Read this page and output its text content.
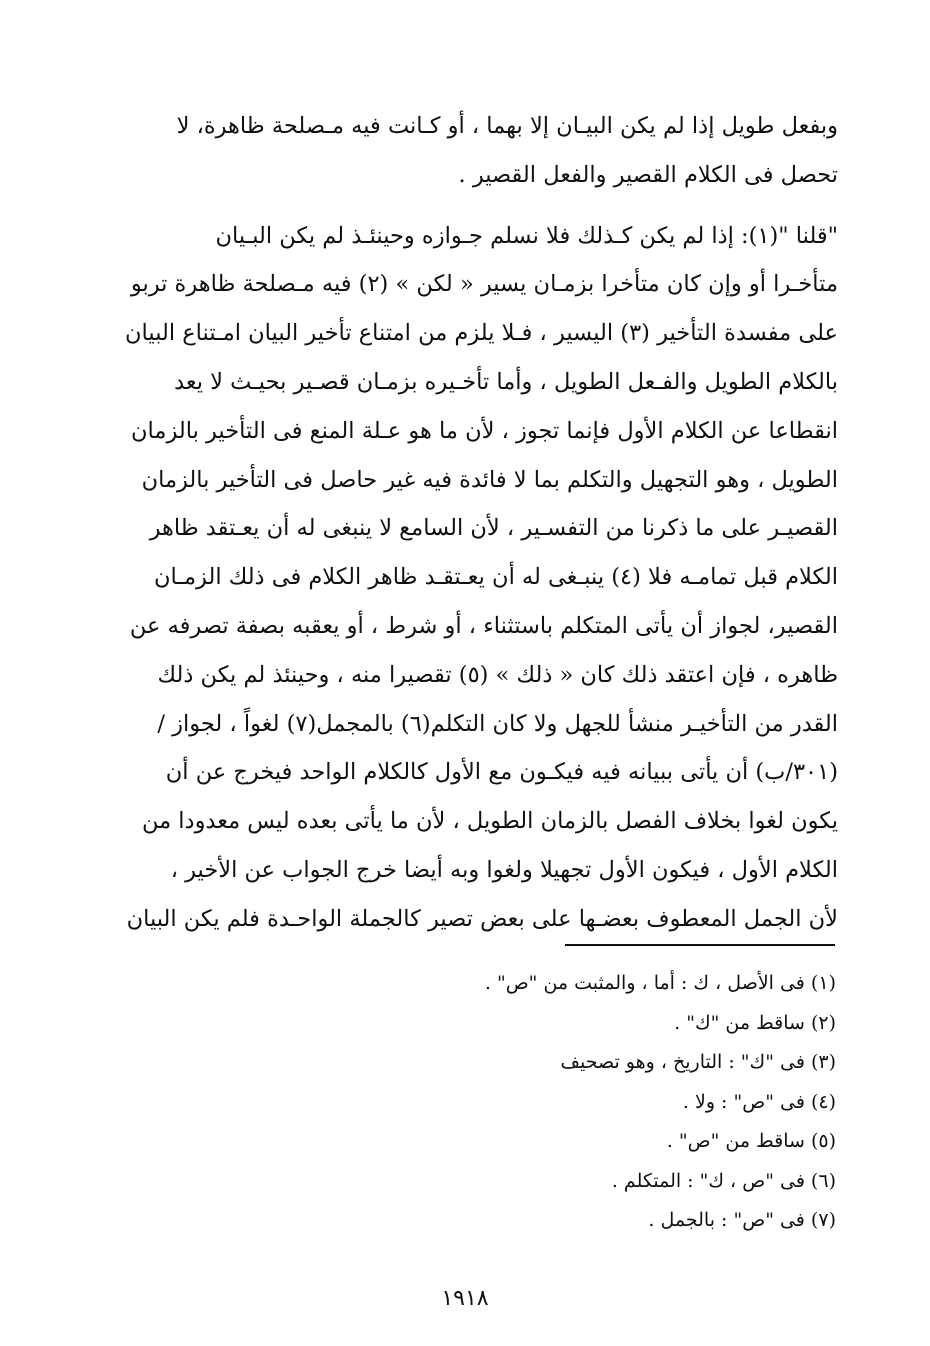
وبفعل طويل إذا لم يكن البيـان إلا بهما ، أو كـانت فيه مـصلحة ظاهرة، لا
تحصل فى الكلام القصير والفعل القصير .
"قلنا "(١): إذا لم يكن كـذلك فلا نسلم جـوازه وحينئـذ لم يكن البـيان
متأخـرا أو وإن كان متأخرا بزمـان يسير « لكن » (٢) فيه مـصلحة ظاهرة تربو
على مفسدة التأخير (٣) اليسير ، فـلا يلزم من امتناع تأخير البيان امـتناع البيان
بالكلام الطويل والفـعل الطويل ، وأما تأخـيره بزمـان قصـير بحيـث لا يعد
انقطاعا عن الكلام الأول فإنما تجوز ، لأن ما هو عـلة المنع فى التأخير بالزمان
الطويل ، وهو التجهيل والتكلم بما لا فائدة فيه غير حاصل فى التأخير بالزمان
القصيـر على ما ذكرنا من التفسـير ، لأن السامع لا ينبغى له أن يعـتقد ظاهر
الكلام قبل تمامـه فلا (٤) ينبـغى له أن يعـتقـد ظاهر الكلام فى ذلك الزمـان
القصير، لجواز أن يأتى المتكلم باستثناء ، أو شرط ، أو يعقبه بصفة تصرفه عن
ظاهره ، فإن اعتقد ذلك كان « ذلك » (٥) تقصيرا منه ، وحينئذ لم يكن ذلك
القدر من التأخيـر منشأ للجهل ولا كان التكلم(٦) بالمجمل(٧) لغواً ، لجواز /
(٣٠١/ب) أن يأتى ببيانه فيه فيكـون مع الأول كالكلام الواحد فيخرج عن أن
يكون لغوا بخلاف الفصل بالزمان الطويل ، لأن ما يأتى بعده ليس معدودا من
الكلام الأول ، فيكون الأول تجهيلا ولغوا وبه أيضا خرج الجواب عن الأخير ،
لأن الجمل المعطوف بعضـها على بعض تصير كالجملة الواحـدة فلم يكن البيان
(١) فى الأصل ، ك : أما ، والمثبت من "ص" .
(٢) ساقط من "ك" .
(٣) فى "ك" : التاريخ ، وهو تصحيف
(٤) فى "ص" : ولا .
(٥) ساقط من "ص" .
(٦) فى "ص ، ك" : المتكلم .
(٧) فى "ص" : بالجمل .
١٩١٨
